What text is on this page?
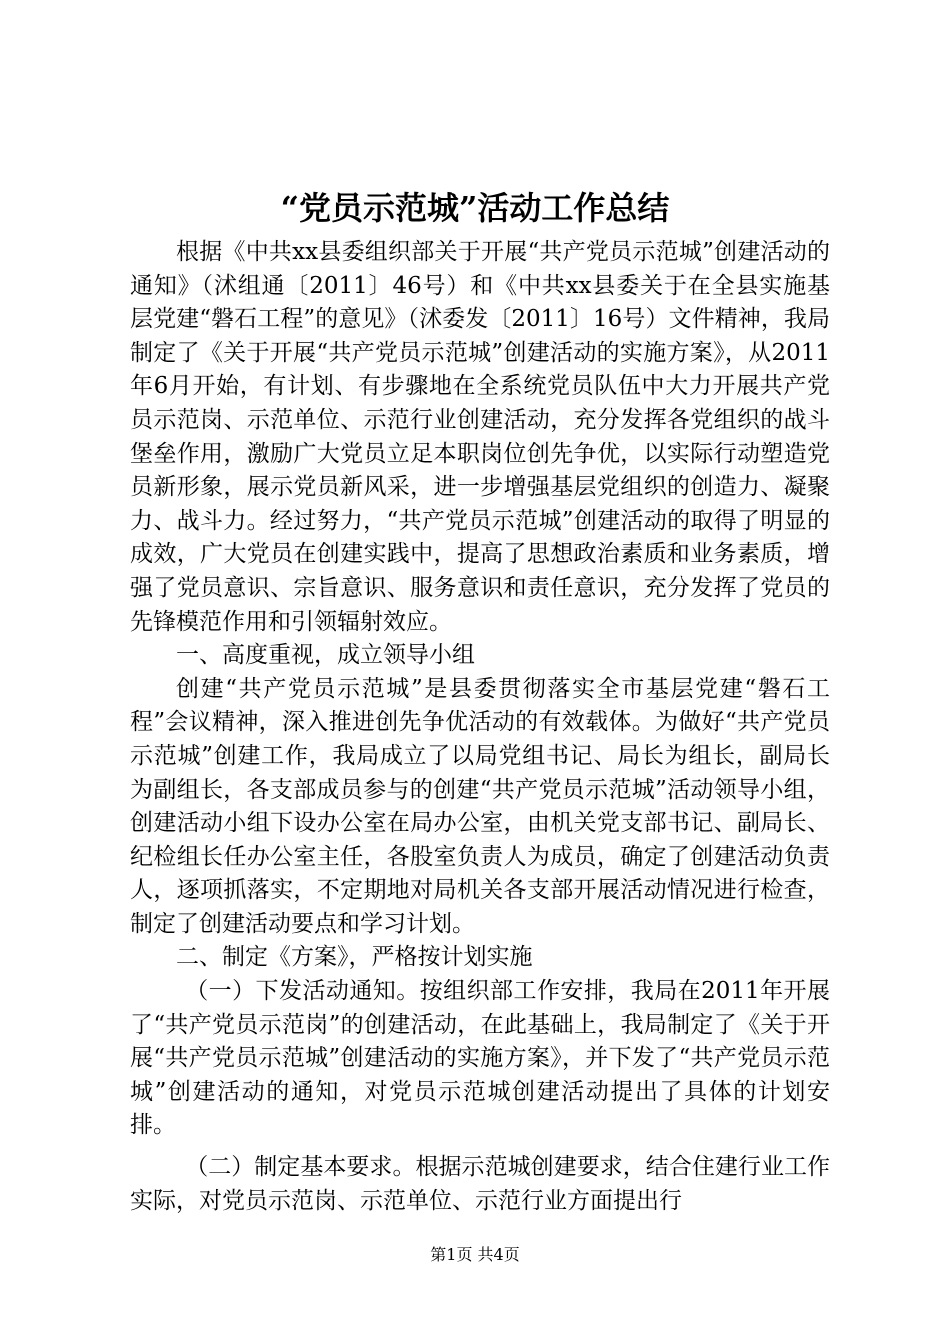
“党员示范城”活动工作总结

根据《中共xx县委组织部关于开展“共产党员示范城”创建活动的通知》（沭组通〔2011〕46号）和《中共xx县委关于在全县实施基层党建“磐石工程”的意见》（沭委发〔2011〕16号）文件精神，我局制定了《关于开展“共产党员示范城”创建活动的实施方案》，从2011年6月开始，有计划、有步骤地在全系统党员队伍中大力开展共产党员示范岗、示范单位、示范行业创建活动，充分发挥各党组织的战斗堡垒作用，激励广大党员立足本职岗位创先争优，以实际行动塑造党员新形象，展示党员新风采，进一步增强基层党组织的创造力、凝聚力、战斗力。经过努力，“共产党员示范城”创建活动的取得了明显的成效，广大党员在创建实践中，提高了思想政治素质和业务素质，增强了党员意识、宗旨意识、服务意识和责任意识，充分发挥了党员的先锋模范作用和引领辐射效应。

一、高度重视，成立领导小组

创建“共产党员示范城”是县委贯彻落实全市基层党建“磐石工程”会议精神，深入推进创先争优活动的有效载体。为做好“共产党员示范城”创建工作，我局成立了以局党组书记、局长为组长，副局长为副组长，各支部成员参与的创建“共产党员示范城”活动领导小组，创建活动小组下设办公室在局办公室，由机关党支部书记、副局长、纪检组长任办公室主任，各股室负责人为成员，确定了创建活动负责人，逐项抓落实，不定期地对局机关各支部开展活动情况进行检查，制定了创建活动要点和学习计划。

二、制定《方案》，严格按计划实施

（一）下发活动通知。按组织部工作安排，我局在2011年开展了“共产党员示范岗”的创建活动，在此基础上，我局制定了《关于开展“共产党员示范城”创建活动的实施方案》，并下发了“共产党员示范城”创建活动的通知，对党员示范城创建活动提出了具体的计划安排。

（二）制定基本要求。根据示范城创建要求，结合住建行业工作实际，对党员示范岗、示范单位、示范行业方面提出行

第1页 共4页
